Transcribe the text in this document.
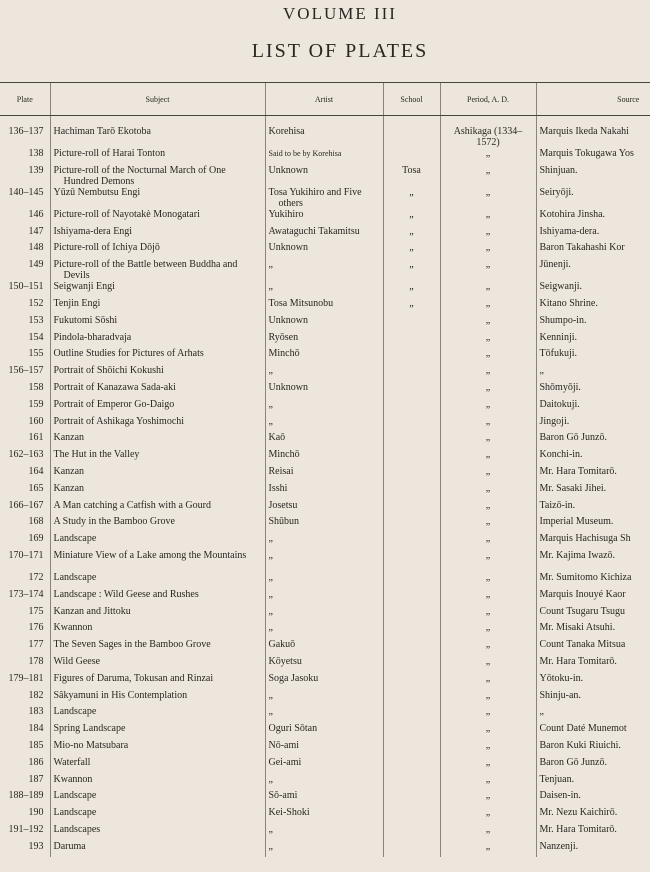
VOLUME III
LIST OF PLATES
Plate	Subject	Artist	School	Period, A. D.	Source
136–137	Hachiman Tarō Ekotoba	Korehisa		Ashikaga (1334–1572)	Marquis Ikeda Nakahi
138	Picture-roll of Harai Tonton	Said to be by Korehisa		„	Marquis Tokugawa Yos
139	Picture-roll of the Nocturnal March of One Hundred Demons	Unknown	Tosa	„	Shinjuan.
140–145	Yūzū Nembutsu Engi	Tosa Yukihiro and Five others	„	„	Seiryōji.
146	Picture-roll of Nayotakè Monogatari	Yukihiro	„	„	Kotohira Jinsha.
147	Ishiyama-dera Engi	Awataguchi Takamitsu	„	„	Ishiyama-dera.
148	Picture-roll of Ichiya Dōjō	Unknown	„	„	Baron Takahashi Kor
149	Picture-roll of the Battle between Buddha and Devils	„	„	„	Jūnenji.
150–151	Seigwanji Engi	„	„	„	Seigwanji.
152	Tenjin Engi	Tosa Mitsunobu	„	„	Kitano Shrine.
153	Fukutomi Sōshi	Unknown		„	Shumpo-in.
154	Pindola-bharadvaja	Ryōsen		„	Kenninji.
155	Outline Studies for Pictures of Arhats	Minchō		„	Tōfukuji.
156–157	Portrait of Shōichi Kokushi	„		„	„
158	Portrait of Kanazawa Sada-aki	Unknown		„	Shōmyōji.
159	Portrait of Emperor Go-Daigo	„		„	Daitokuji.
160	Portrait of Ashikaga Yoshimochi	„		„	Jingoji.
161	Kanzan	Kaō		„	Baron Gō Junzō.
162–163	The Hut in the Valley	Minchō		„	Konchi-in.
164	Kanzan	Reisai		„	Mr. Hara Tomitarō.
165	Kanzan	Isshi		„	Mr. Sasaki Jihei.
166–167	A Man catching a Catfish with a Gourd	Josetsu		„	Taizō-in.
168	A Study in the Bamboo Grove	Shūbun		„	Imperial Museum.
169	Landscape	„		„	Marquis Hachisuga Sh
170–171	Miniature View of a Lake among the Mountains	„		„	Mr. Kajima Iwazō.
172	Landscape	„		„	Mr. Sumitomo Kichiza
173–174	Landscape : Wild Geese and Rushes	„		„	Marquis Inouyé Kaor
175	Kanzan and Jittoku	„		„	Count Tsugaru Tsugu
176	Kwannon	„		„	Mr. Misaki Atsuhi.
177	The Seven Sages in the Bamboo Grove	Gakuō		„	Count Tanaka Mitsua
178	Wild Geese	Kōyetsu		„	Mr. Hara Tomitarō.
179–181	Figures of Daruma, Tokusan and Rinzai	Soga Jasoku		„	Yōtoku-in.
182	Sâkyamuni in His Contemplation	„		„	Shinju-an.
183	Landscape	„		„	„
184	Spring Landscape	Oguri Sōtan		„	Count Daté Munemot
185	Mio-no Matsubara	Nō-ami		„	Baron Kuki Riuichi.
186	Waterfall	Gei-ami		„	Baron Gō Junzō.
187	Kwannon	„		„	Tenjuan.
188–189	Landscape	Sō-ami		„	Daisen-in.
190	Landscape	Kei-Shoki		„	Mr. Nezu Kaichirō.
191–192	Landscapes	„		„	Mr. Hara Tomitarō.
193	Daruma	„		„	Nanzenji.
